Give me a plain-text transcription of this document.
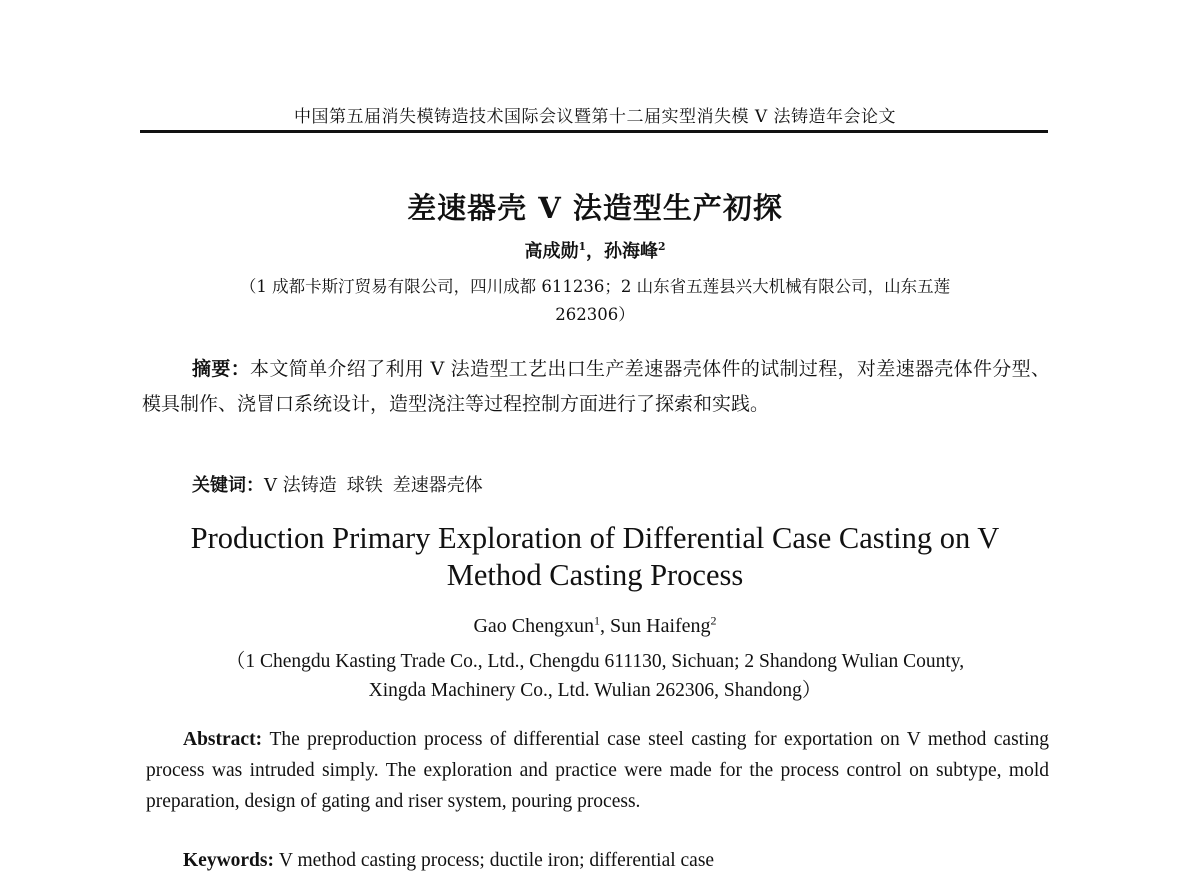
中国第五届消失模铸造技术国际会议暨第十二届实型消失模 V 法铸造年会论文
差速器壳 V 法造型生产初探
高成勋$^1$，孙海峰$^2$
（1 成都卡斯汀贸易有限公司，四川成都 611236；2 山东省五莲县兴大机械有限公司，山东五莲
262306）
摘要：本文简单介绍了利用 V 法造型工艺出口生产差速器壳体件的试制过程，对差速器壳体件分型、模具制作、浇冒口系统设计，造型浇注等过程控制方面进行了探索和实践。
关键词：V 法铸造 球铁 差速器壳体
Production Primary Exploration of Differential Case Casting on V
Method Casting Process
Gao Chengxun$^1$, Sun Haifeng$^2$
（1 Chengdu Kasting Trade Co., Ltd., Chengdu 611130, Sichuan; 2 Shandong Wulian County,
Xingda Machinery Co., Ltd. Wulian 262306, Shandong）
Abstract: The preproduction process of differential case steel casting for exportation on V method casting process was intruded simply. The exploration and practice were made for the process control on subtype, mold preparation, design of gating and riser system, pouring process.
Keywords: V method casting process; ductile iron; differential case
